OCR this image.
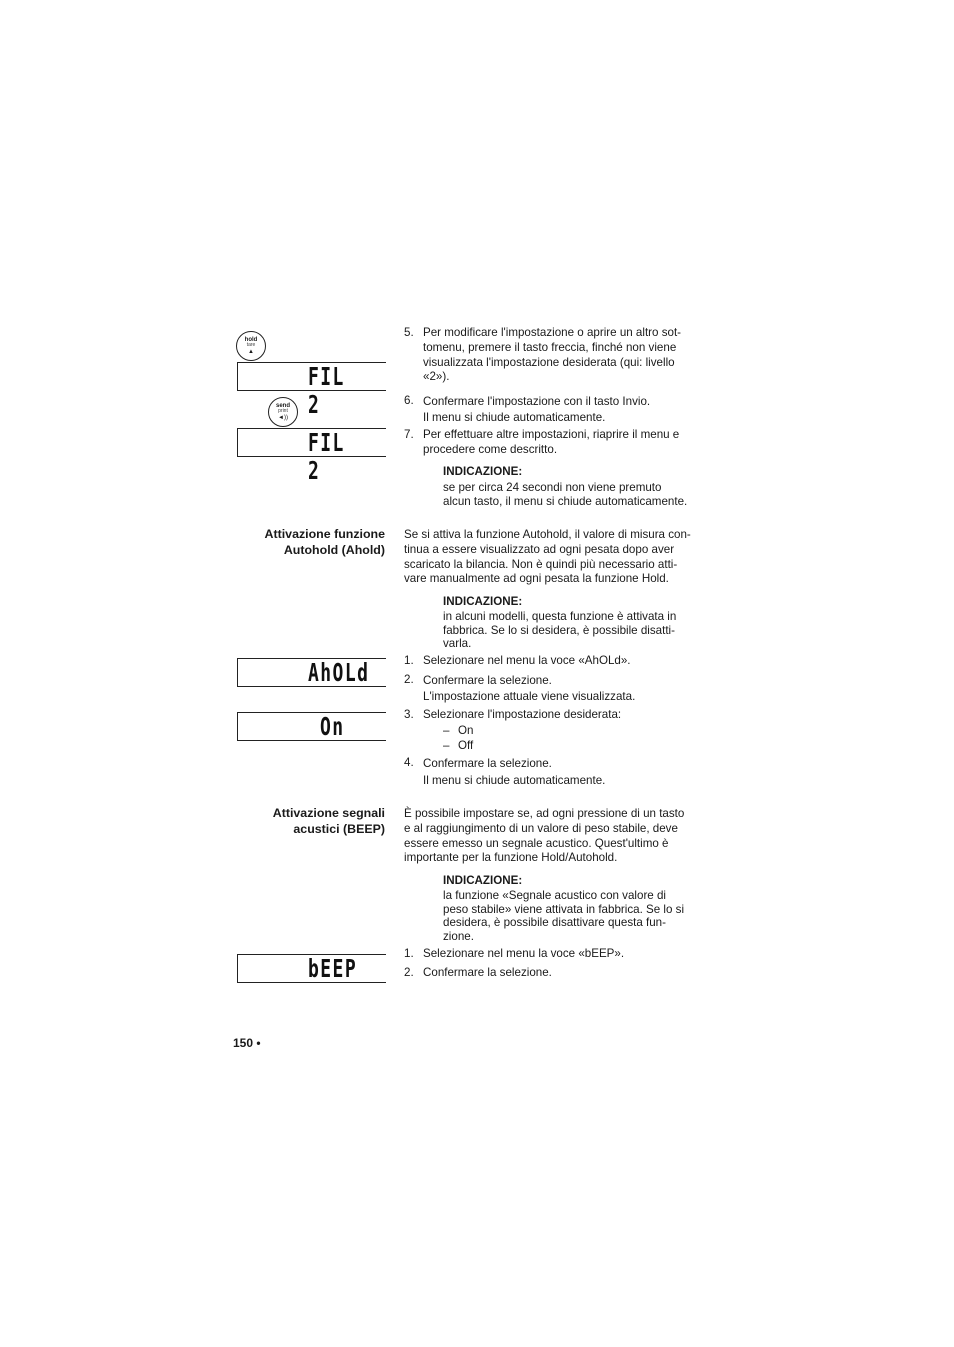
hold
tare
▲
FIL 2
send
print
◄))
FIL 2
AhOLd
On
bEEP
5. Per modificare l'impostazione o aprire un altro sot-
tomenu, premere il tasto freccia, finché non viene
visualizzata l'impostazione desiderata (qui: livello
«2»).
6. Confermare l'impostazione con il tasto Invio.
Il menu si chiude automaticamente.
7. Per effettuare altre impostazioni, riaprire il menu e
procedere come descritto.
INDICAZIONE:
se per circa 24 secondi non viene premuto
alcun tasto, il menu si chiude automaticamente.
Attivazione funzione
Autohold (Ahold)
Se si attiva la funzione Autohold, il valore di misura con-
tinua a essere visualizzato ad ogni pesata dopo aver
scaricato la bilancia. Non è quindi più necessario atti-
vare manualmente ad ogni pesata la funzione Hold.
INDICAZIONE:
in alcuni modelli, questa funzione è attivata in
fabbrica. Se lo si desidera, è possibile disatti-
varla.
1. Selezionare nel menu la voce «AhOLd».
2. Confermare la selezione.
L'impostazione attuale viene visualizzata.
3. Selezionare l'impostazione desiderata:
– On
– Off
4. Confermare la selezione.
Il menu si chiude automaticamente.
Attivazione segnali
acustici (BEEP)
È possibile impostare se, ad ogni pressione di un tasto
e al raggiungimento di un valore di peso stabile, deve
essere emesso un segnale acustico. Quest'ultimo è
importante per la funzione Hold/Autohold.
INDICAZIONE:
la funzione «Segnale acustico con valore di
peso stabile» viene attivata in fabbrica. Se lo si
desidera, è possibile disattivare questa fun-
zione.
1. Selezionare nel menu la voce «bEEP».
2. Confermare la selezione.
150 •
